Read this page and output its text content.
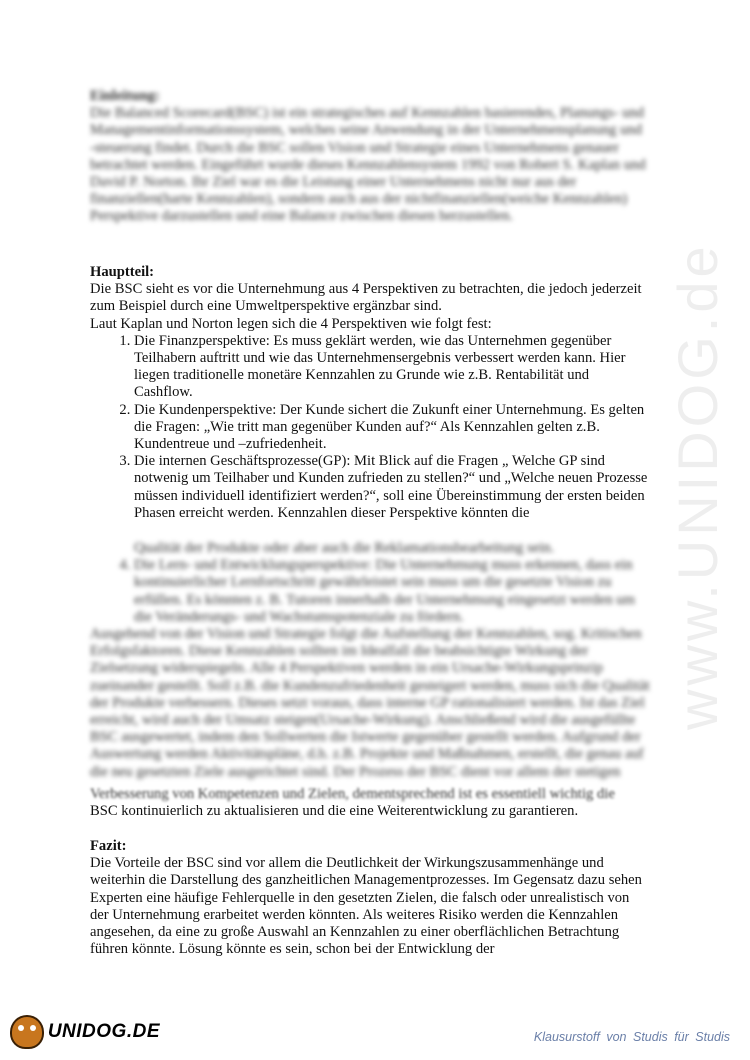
www.UNIDOG.de

Einleitung:

Die Balanced Scorecard(BSC) ist ein strategisches auf Kennzahlen basierendes, Planungs- und Managementinformationssystem, welches seine Anwendung in der Unternehmensplanung und -steuerung findet. Durch die BSC sollen Vision und Strategie eines Unternehmens genauer betrachtet werden. Eingeführt wurde dieses Kennzahlensystem 1992 von Robert S. Kaplan und David P. Norton. Ihr Ziel war es die Leistung einer Unternehmens nicht nur aus der finanziellen(harte Kennzahlen), sondern auch aus der nichtfinanziellen(weiche Kennzahlen) Perspektive darzustellen und eine Balance zwischen diesen herzustellen.

Hauptteil:

Die BSC sieht es vor die Unternehmung aus 4 Perspektiven zu betrachten, die jedoch jederzeit zum Beispiel durch eine Umweltperspektive ergänzbar sind.

Laut Kaplan und Norton legen sich die 4 Perspektiven wie folgt fest:

1. Die Finanzperspektive: Es muss geklärt werden, wie das Unternehmen gegenüber Teilhabern auftritt und wie das Unternehmensergebnis verbessert werden kann. Hier liegen traditionelle monetäre Kennzahlen zu Grunde wie z.B. Rentabilität und Cashflow.
2. Die Kundenperspektive: Der Kunde sichert die Zukunft einer Unternehmung. Es gelten die Fragen: „Wie tritt man gegenüber Kunden auf?“ Als Kennzahlen gelten z.B. Kundentreue und –zufriedenheit.
3. Die internen Geschäftsprozesse(GP): Mit Blick auf die Fragen „ Welche GP sind notwenig um Teilhaber und Kunden zufrieden zu stellen?“ und „Welche neuen Prozesse müssen individuell identifiziert werden?“, soll eine Übereinstimmung der ersten beiden Phasen erreicht werden. Kennzahlen dieser Perspektive könnten die

Qualität der Produkte oder aber auch die Reklamationsbearbeitung sein.

4. Die Lern- und Entwicklungsperspektive: Die Unternehmung muss erkennen, dass ein kontinuierlicher Lernfortschritt gewährleistet sein muss um die gesetzte Vision zu erfüllen. Es könnten z. B. Tutoren innerhalb der Unternehmung eingesetzt werden um die Veränderungs- und Wachstumspotenziale zu fördern.

Ausgehend von der Vision und Strategie folgt die Aufstellung der Kennzahlen, sog. Kritischen Erfolgsfaktoren. Diese Kennzahlen sollten im Idealfall die beabsichtigte Wirkung der Zielsetzung widerspiegeln. Alle 4 Perspektiven werden in ein Ursache-Wirkungsprinzip zueinander gestellt. Soll z.B. die Kundenzufriedenheit gesteigert werden, muss sich die Qualität der Produkte verbessern. Dieses setzt voraus, dass interne GP rationalisiert werden. Ist das Ziel erreicht, wird auch der Umsatz steigen(Ursache-Wirkung). Anschließend wird die ausgefüllte BSC ausgewertet, indem den Sollwerten die Istwerte gegenüber gestellt werden. Aufgrund der Auswertung werden Aktivitätspläne, d.h. z.B. Projekte und Maßnahmen, erstellt, die genau auf die neu gesetzten Ziele ausgerichtet sind. Der Prozess der BSC dient vor allem der stetigen

Verbesserung von Kompetenzen und Zielen, dementsprechend ist es essentiell wichtig die

BSC kontinuierlich zu aktualisieren und die eine Weiterentwicklung zu garantieren.

Fazit:

Die Vorteile der BSC sind vor allem die Deutlichkeit der Wirkungszusammenhänge und weiterhin die Darstellung des ganzheitlichen Managementprozesses. Im Gegensatz dazu sehen Experten eine häufige Fehlerquelle in den gesetzten Zielen, die falsch oder unrealistisch von der Unternehmung erarbeitet werden könnten. Als weiteres Risiko werden die Kennzahlen angesehen, da eine zu große Auswahl an Kennzahlen zu einer oberflächlichen Betrachtung führen könnte. Lösung könnte es sein, schon bei der Entwicklung der

UNIDOG.DE	Klausurstoff von Studis für Studis
